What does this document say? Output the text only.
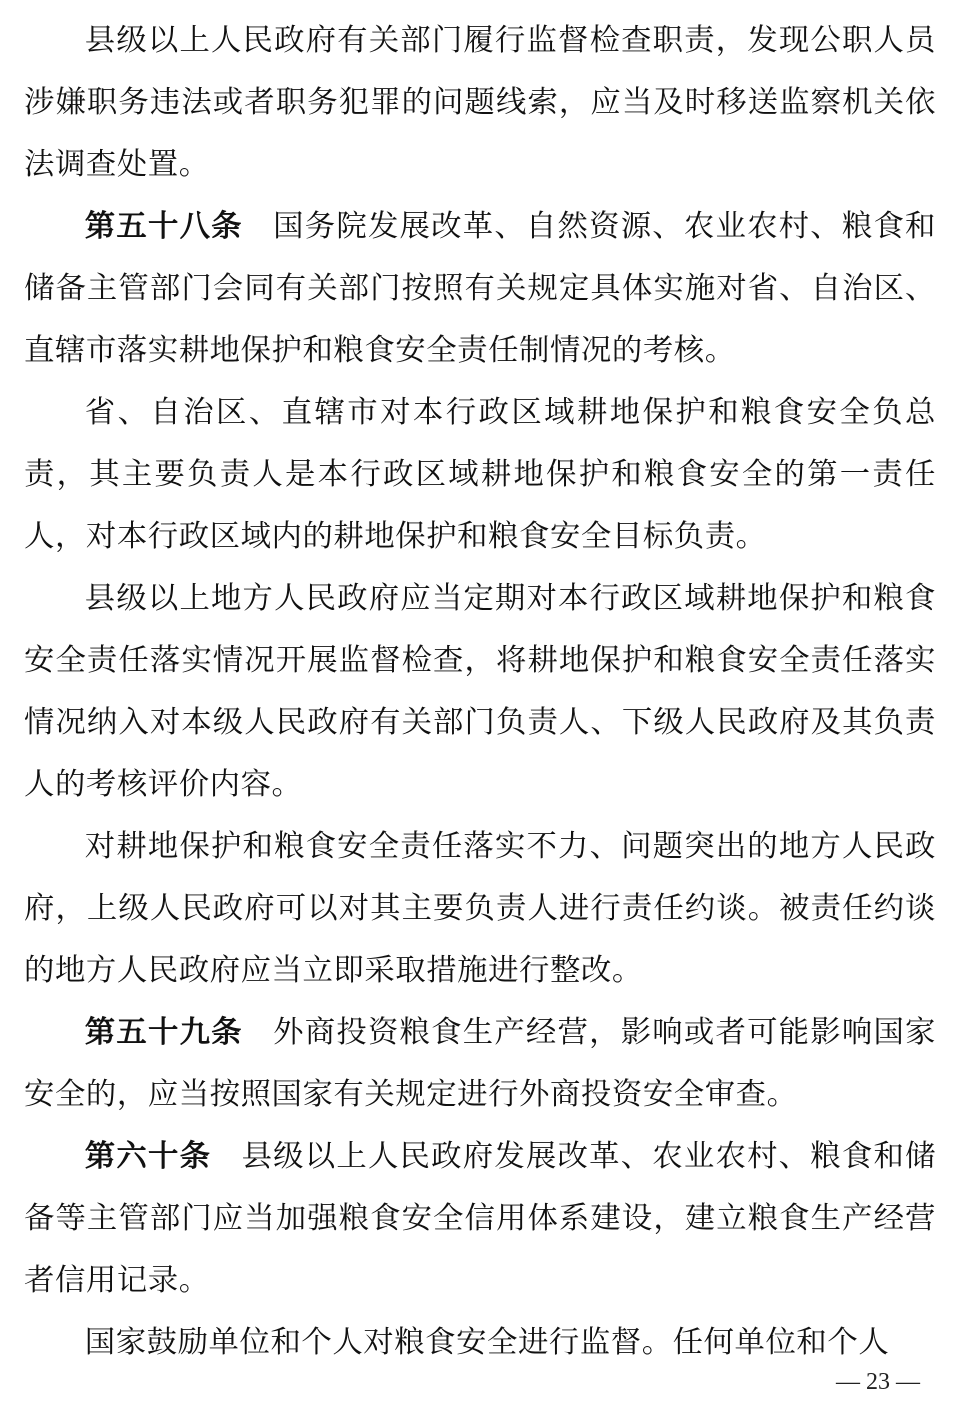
县级以上人民政府有关部门履行监督检查职责，发现公职人员涉嫌职务违法或者职务犯罪的问题线索，应当及时移送监察机关依法调查处置。

第五十八条 国务院发展改革、自然资源、农业农村、粮食和储备主管部门会同有关部门按照有关规定具体实施对省、自治区、直辖市落实耕地保护和粮食安全责任制情况的考核。

省、自治区、直辖市对本行政区域耕地保护和粮食安全负总责，其主要负责人是本行政区域耕地保护和粮食安全的第一责任人，对本行政区域内的耕地保护和粮食安全目标负责。

县级以上地方人民政府应当定期对本行政区域耕地保护和粮食安全责任落实情况开展监督检查，将耕地保护和粮食安全责任落实情况纳入对本级人民政府有关部门负责人、下级人民政府及其负责人的考核评价内容。

对耕地保护和粮食安全责任落实不力、问题突出的地方人民政府，上级人民政府可以对其主要负责人进行责任约谈。被责任约谈的地方人民政府应当立即采取措施进行整改。

第五十九条 外商投资粮食生产经营，影响或者可能影响国家安全的，应当按照国家有关规定进行外商投资安全审查。

第六十条 县级以上人民政府发展改革、农业农村、粮食和储备等主管部门应当加强粮食安全信用体系建设，建立粮食生产经营者信用记录。

国家鼓励单位和个人对粮食安全进行监督。任何单位和个人

— 23 —
